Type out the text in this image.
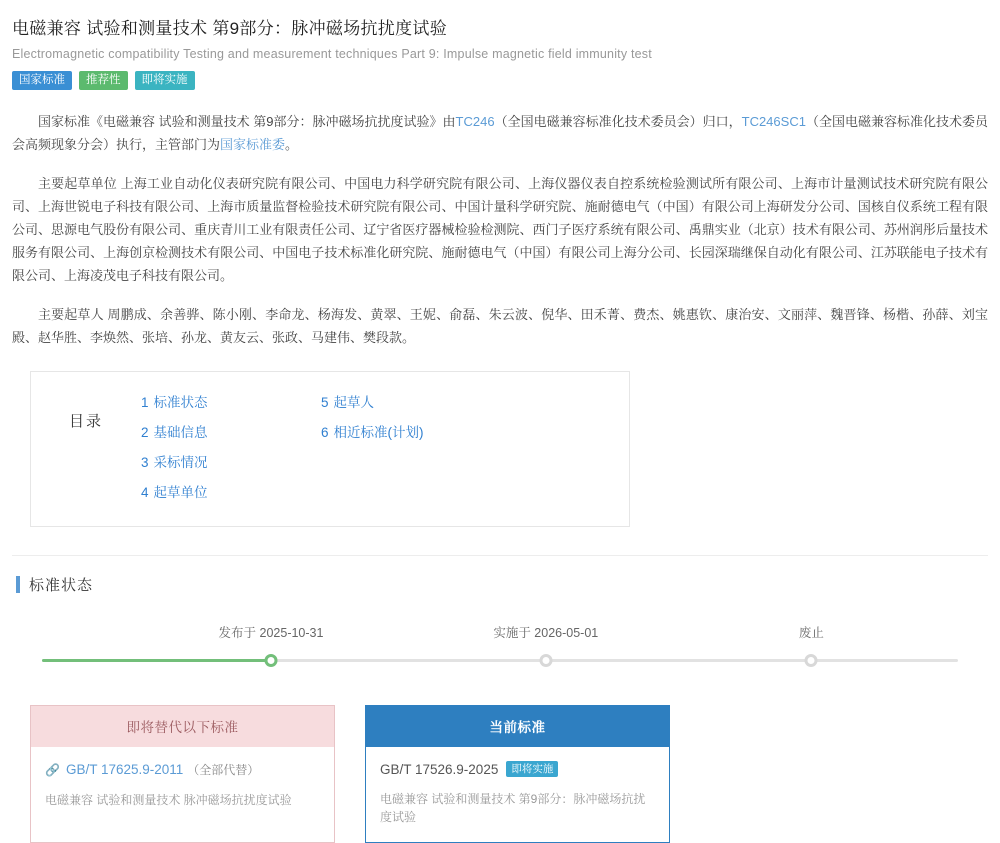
电磁兼容 试验和测量技术 第9部分：脉冲磁场抗扰度试验
Electromagnetic compatibility Testing and measurement techniques Part 9: Impulse magnetic field immunity test
国家标准	推荐性	即将实施

国家标准《电磁兼容 试验和测量技术 第9部分：脉冲磁场抗扰度试验》由TC246（全国电磁兼容标准化技术委员会）归口，TC246SC1（全国电磁兼容标准化技术委员会高频现象分会）执行，主管部门为国家标准委。

主要起草单位 上海工业自动化仪表研究院有限公司、中国电力科学研究院有限公司、上海仪器仪表自控系统检验测试所有限公司、上海市计量测试技术研究院有限公司、上海世锐电子科技有限公司、上海市质量监督检验技术研究院有限公司、中国计量科学研究院、施耐德电气（中国）有限公司上海研发分公司、国核自仪系统工程有限公司、思源电气股份有限公司、重庆青川工业有限责任公司、辽宁省医疗器械检验检测院、西门子医疗系统有限公司、禹鼎实业（北京）技术有限公司、苏州润彤后量技术服务有限公司、上海创京检测技术有限公司、中国电子技术标准化研究院、施耐德电气（中国）有限公司上海分公司、长园深瑞继保自动化有限公司、江苏联能电子技术有限公司、上海凌茂电子科技有限公司。

主要起草人 周鹏成、余善骅、陈小刚、李命龙、杨海发、黄翠、王妮、俞磊、朱云波、倪华、田禾菁、费杰、姚惠钦、康治安、文丽萍、魏晋锋、杨楷、孙薛、刘宝殿、赵华胜、李焕然、张培、孙龙、黄友云、张政、马建伟、樊段款。

目录
1 标准状态
2 基础信息
3 采标情况
4 起草单位
5 起草人
6 相近标准(计划)
标准状态
发布于 2025-10-31	实施于 2026-05-01	废止
即将替代以下标准
🔗 GB/T 17625.9-2011 （全部代替）
电磁兼容 试验和测量技术 脉冲磁场抗扰度试验
当前标准
GB/T 17526.9-2025	即将实施
电磁兼容 试验和测量技术 第9部分：脉冲磁场抗扰度试验
